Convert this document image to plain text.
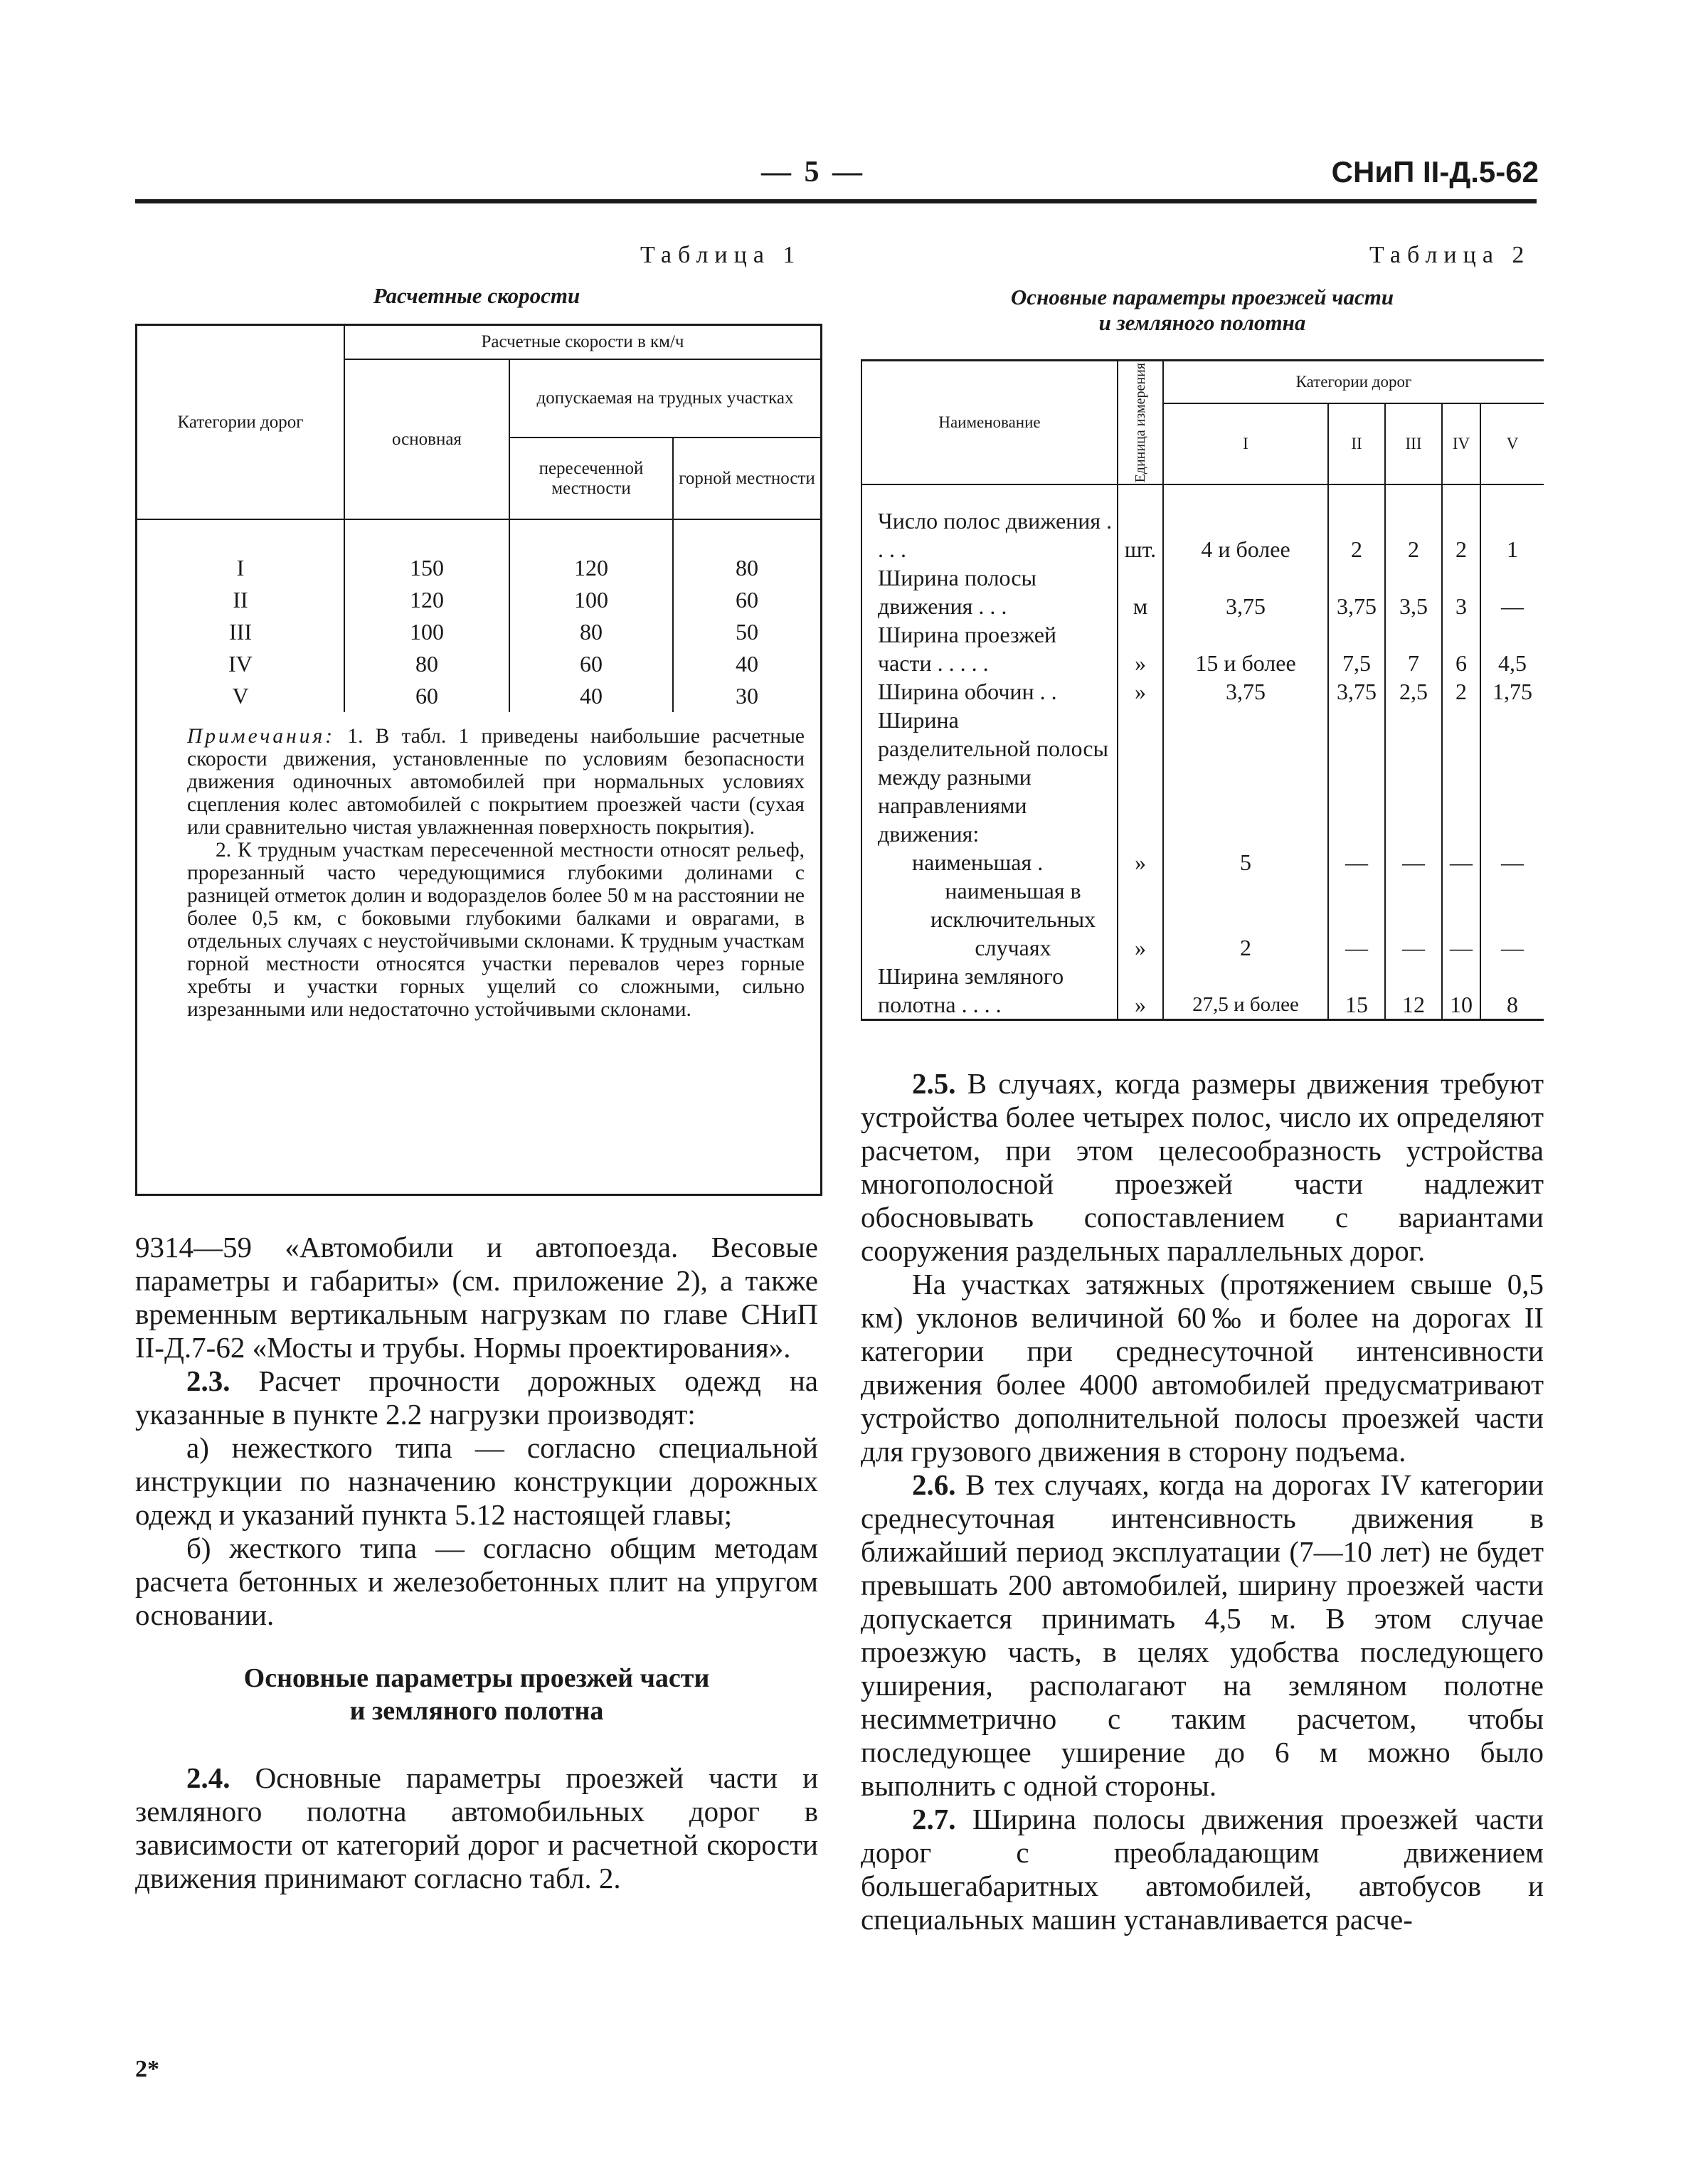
— 5 —	СНиП II-Д.5-62
Таблица 1
Расчетные скорости
Категории дорог	Расчетные скорости в км/ч		
	основная	допускаемая на трудных участках	
		пересеченной местности	горной местности

I	150	120	80
II	120	100	60
III	100	80	50
IV	80	60	40
V	60	40	30

Примечания: 1. В табл. 1 приведены наибольшие расчетные скорости движения, установленные по условиям безопасности движения одиночных автомобилей при нормальных условиях сцепления колес автомобилей с покрытием проезжей части (сухая или сравнительно чистая увлажненная поверхность покрытия).

2. К трудным участкам пересеченной местности относят рельеф, прорезанный часто чередующимися глубокими долинами с разницей отметок долин и водоразделов более 50 м на расстоянии не более 0,5 км, с боковыми глубокими балками и оврагами, в отдельных случаях с неустойчивыми склонами. К трудным участкам горной местности относятся участки перевалов через горные хребты и участки горных ущелий со сложными, сильно изрезанными или недостаточно устойчивыми склонами.

Таблица 2
Основные параметры проезжей части
и земляного полотна
Наименование	Единица измерения	Категории дорог				
		I	II	III	IV	V

Число полос движения . . . .	шт.	4 и более	2	2	2	1
Ширина полосы движения . . .	м	3,75	3,75	3,5	3	—
Ширина проезжей части . . . . .	»	15 и более	7,5	7	6	4,5
Ширина обочин . .	»	3,75	3,75	2,5	2	1,75
Ширина разделительной полосы между разными направлениями движения:						
наименьшая .	»	5	—	—	—	—
наименьшая в исключительных случаях	»	2	—	—	—	—
Ширина земляного полотна . . . .	»	27,5 и более	15	12	10	8

9314—59 «Автомобили и автопоезда. Весовые параметры и габариты» (см. приложение 2), а также временным вертикальным нагрузкам по главе СНиП II-Д.7-62 «Мосты и трубы. Нормы проектирования».

2.3. Расчет прочности дорожных одежд на указанные в пункте 2.2 нагрузки производят:

а) нежесткого типа — согласно специальной инструкции по назначению конструкции дорожных одежд и указаний пункта 5.12 настоящей главы;

б) жесткого типа — согласно общим методам расчета бетонных и железобетонных плит на упругом основании.

Основные параметры проезжей части
и земляного полотна

2.4. Основные параметры проезжей части и земляного полотна автомобильных дорог в зависимости от категорий дорог и расчетной скорости движения принимают согласно табл. 2.

2.5. В случаях, когда размеры движения требуют устройства более четырех полос, число их определяют расчетом, при этом целесообразность устройства многополосной проезжей части надлежит обосновывать сопоставлением с вариантами сооружения раздельных параллельных дорог.

На участках затяжных (протяжением свыше 0,5 км) уклонов величиной 60‰ и более на дорогах II категории при среднесуточной интенсивности движения более 4000 автомобилей предусматривают устройство дополнительной полосы проезжей части для грузового движения в сторону подъема.

2.6. В тех случаях, когда на дорогах IV категории среднесуточная интенсивность движения в ближайший период эксплуатации (7—10 лет) не будет превышать 200 автомобилей, ширину проезжей части допускается принимать 4,5 м. В этом случае проезжую часть, в целях удобства последующего уширения, располагают на земляном полотне несимметрично с таким расчетом, чтобы последующее уширение до 6 м можно было выполнить с одной стороны.

2.7. Ширина полосы движения проезжей части дорог с преобладающим движением большегабаритных автомобилей, автобусов и специальных машин устанавливается расче-

2*
